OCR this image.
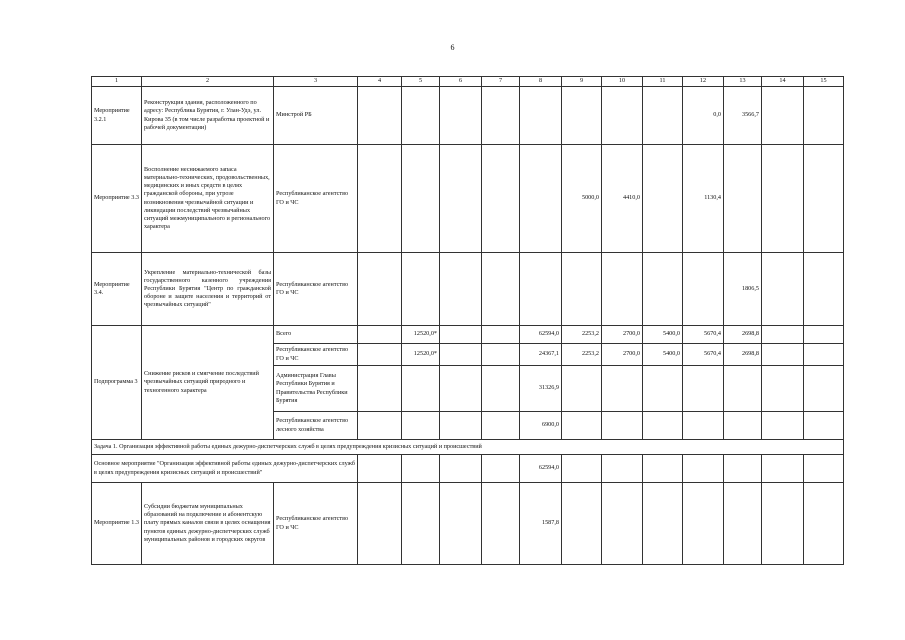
6
1	2	3	4	5	6	7	8	9	10	11	12	13	14	15
Мероприятие 3.2.1	Реконструкция здания, расположенного по адресу: Республика Бурятия, г. Улан-Удэ, ул. Кирова 35 (в том числе разработка проектной и рабочей документации)	Минстрой РБ									0,0	3566,7		
Мероприятие 3.3	Восполнение неснижаемого запаса материально-технических, продовольственных, медицинских и иных средств в целях гражданской обороны, при угрозе возникновения чрезвычайной ситуации и ликвидации последствий чрезвычайных ситуаций межмуниципального и регионального характера	Республиканское агентство ГО и ЧС						5000,0	4410,0		1130,4			
Мероприятие 3.4.	Укрепление материально-технической базы государственного казенного учреждения Республики Бурятия "Центр по гражданской обороне и защите населения и территорий от чрезвычайных ситуаций"	Республиканское агентство ГО и ЧС										1806,5		
Подпрограмма 3	Снижение рисков и смягчение последствий чрезвычайных ситуаций природного и техногенного характера	Всего		12520,0*			62594,0	2253,2	2700,0	5400,0	5670,4	2698,8		
		Республиканское агентство ГО и ЧС		12520,0*			24367,1	2253,2	2700,0	5400,0	5670,4	2698,8		
		Администрация Главы Республики Бурятия и Правительства Республики Бурятия					31326,9							
		Республиканское агентство лесного хозяйства					6900,0							
Задача 1. Организация эффективной работы единых дежурно-диспетчерских служб в целях предупреждения кризисных ситуаций и происшествий														
Основное мероприятие "Организация эффективной работы единых дежурно-диспетчерских служб в целях предупреждения кризисных ситуаций и происшествий"							62594,0							
Мероприятие 1.3	Субсидии бюджетам муниципальных образований на подключение и абонентскую плату прямых каналов связи в целях оснащения пунктов единых дежурно-диспетчерских служб муниципальных районов и городских округов	Республиканское агентство ГО и ЧС					1587,8							
